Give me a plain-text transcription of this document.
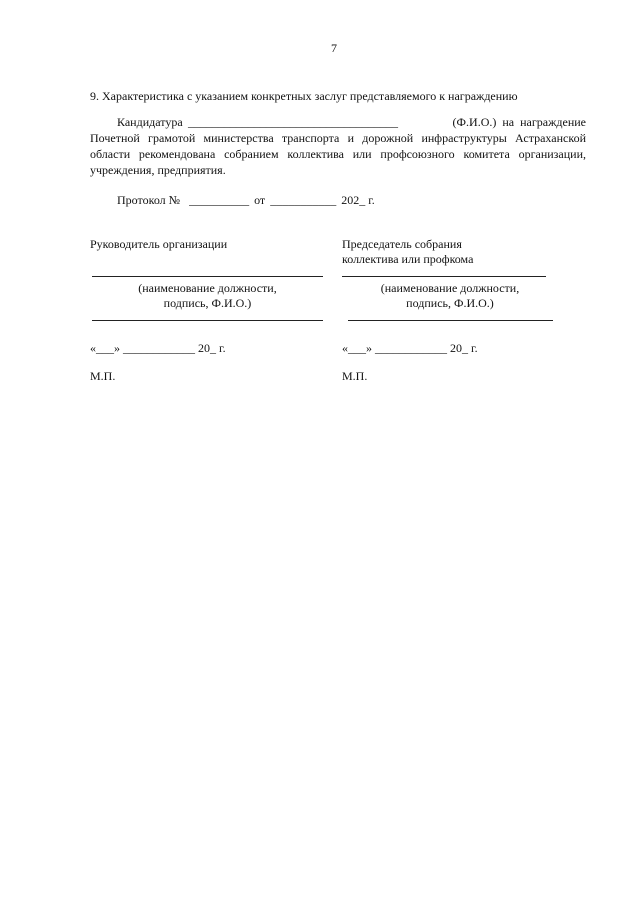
7
9. Характеристика с указанием конкретных заслуг представляемого к награждению
Кандидатура ___________________________________	(Ф.И.О.)  на  награждение
Почетной грамотой министерства транспорта и дорожной инфраструктуры Астраханской
области рекомендована собранием коллектива или профсоюзного комитета организации,
учреждения, предприятия.
Протокол № __________ от ___________ 202_ г.
Руководитель организации
(наименование должности,
подпись, Ф.И.О.)
«___» ____________ 20_ г.
М.П.
Председатель собрания
коллектива или профкома
(наименование должности,
подпись, Ф.И.О.)
«___» ____________ 20_ г.
М.П.
